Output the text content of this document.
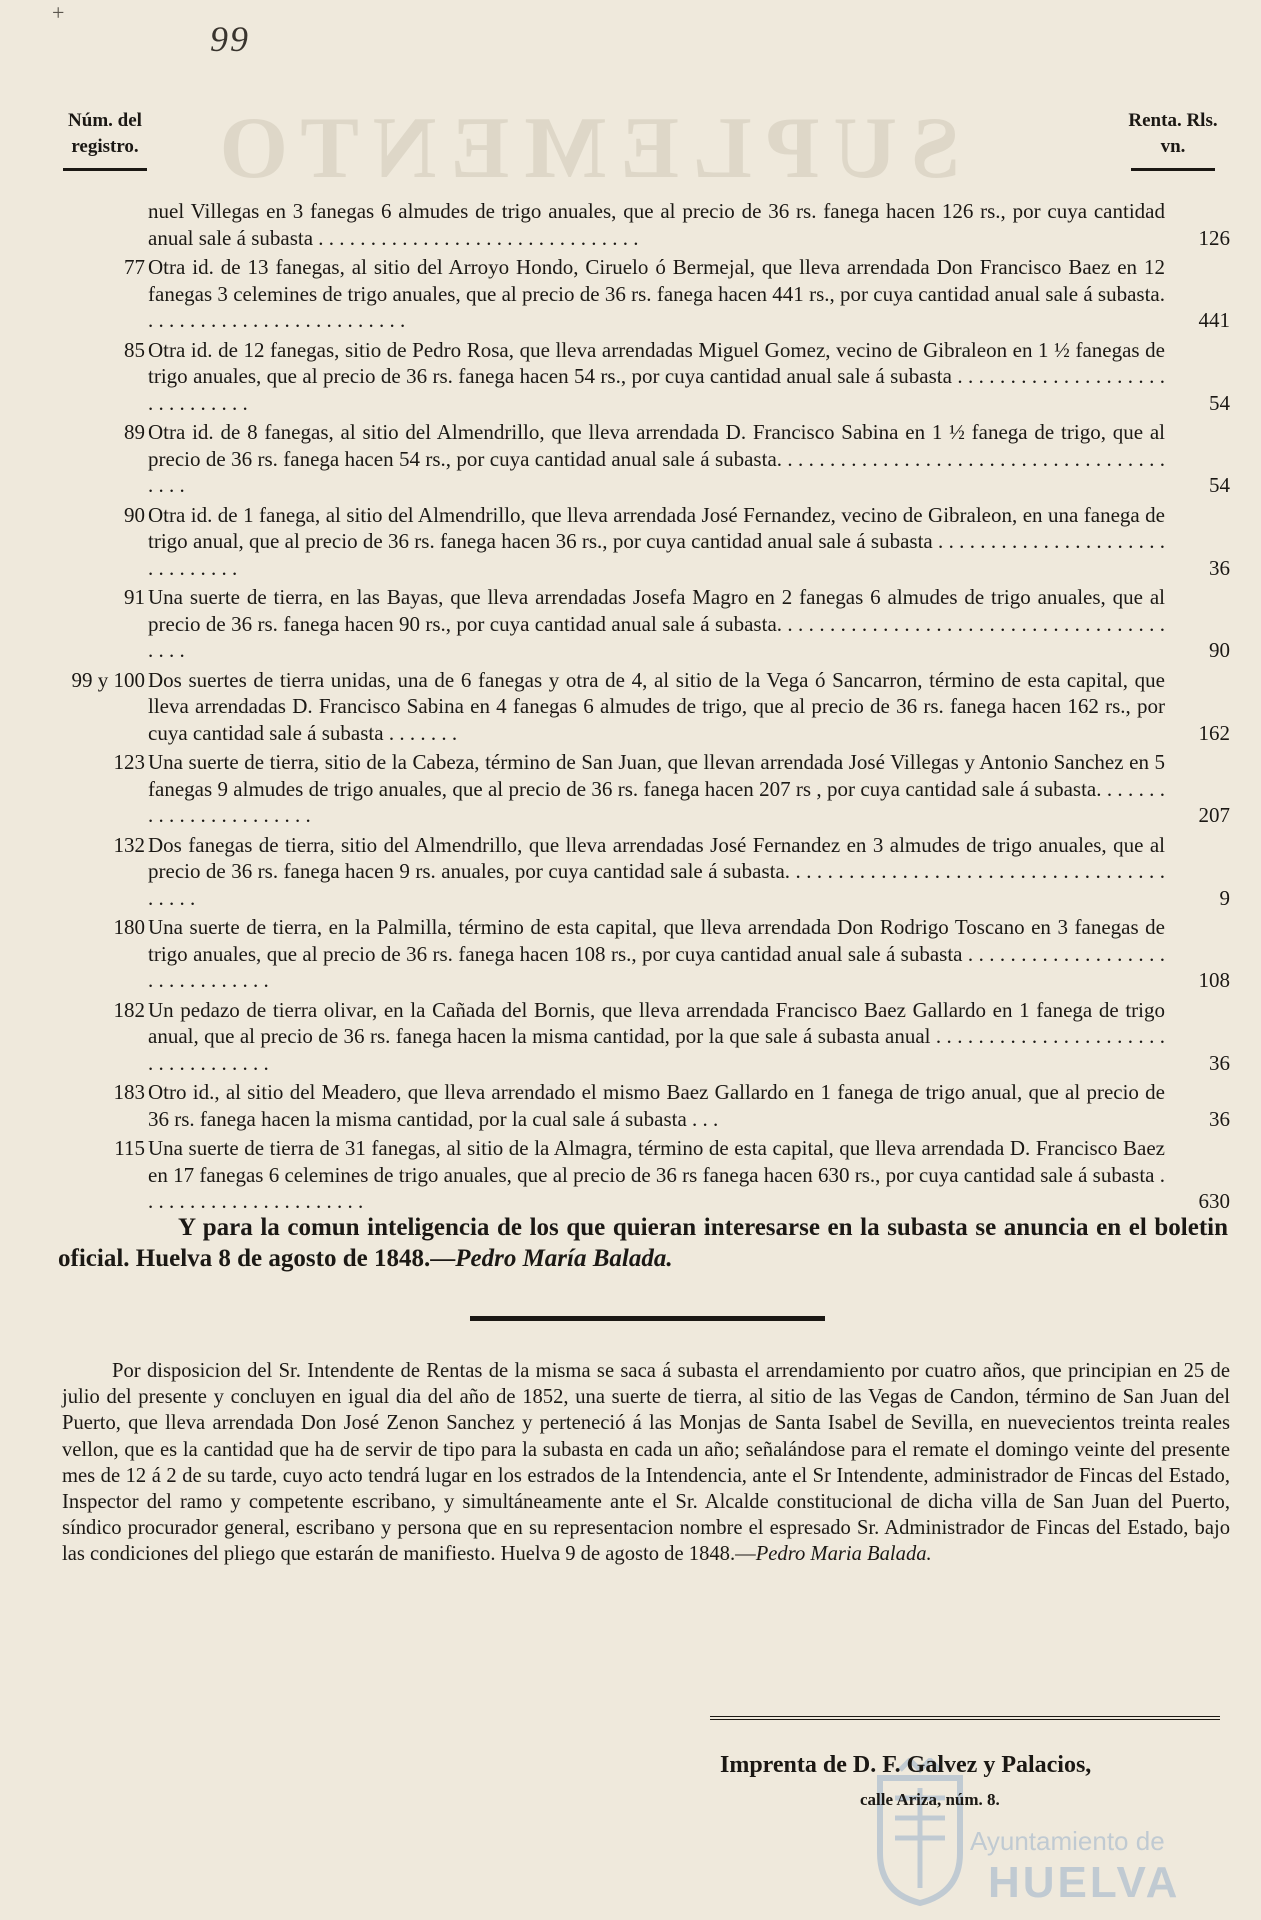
+
99
SUPLEMENTO
Núm. del registro.
Renta. Rls. vn.
nuel Villegas en 3 fanegas 6 almudes de trigo anuales, que al precio de 36 rs. fanega hacen 126 rs., por cuya cantidad anual sale á subasta . . . . . . . . . . . . . . . . . . . . . . . . . . . . . . .	126
77 Otra id. de 13 fanegas, al sitio del Arroyo Hondo, Ciruelo ó Bermejal, que lleva arrendada Don Francisco Baez en 12 fanegas 3 celemines de trigo anuales, que al precio de 36 rs. fanega hacen 441 rs., por cuya cantidad anual sale á subasta. . . . . . . . . . . . . . . . . . . . . . . . . .	441
85 Otra id. de 12 fanegas, sitio de Pedro Rosa, que lleva arrendadas Miguel Gomez, vecino de Gibraleon en 1 ½ fanegas de trigo anuales, que al precio de 36 rs. fanega hacen 54 rs., por cuya cantidad anual sale á subasta . . . . . . . . . . . . . . . . . . . . . . . . . . . . . .	54
89 Otra id. de 8 fanegas, al sitio del Almendrillo, que lleva arrendada D. Francisco Sabina en 1 ½ fanega de trigo, que al precio de 36 rs. fanega hacen 54 rs., por cuya cantidad anual sale á subasta. . . . . . . . . . . . . . . . . . . . . . . . . . . . . . . . . . . . . . . . .	54
90 Otra id. de 1 fanega, al sitio del Almendrillo, que lleva arrendada José Fernandez, vecino de Gibraleon, en una fanega de trigo anual, que al precio de 36 rs. fanega hacen 36 rs., por cuya cantidad anual sale á subasta . . . . . . . . . . . . . . . . . . . . . . . . . . . . . . .	36
91 Una suerte de tierra, en las Bayas, que lleva arrendadas Josefa Magro en 2 fanegas 6 almudes de trigo anuales, que al precio de 36 rs. fanega hacen 90 rs., por cuya cantidad anual sale á subasta. . . . . . . . . . . . . . . . . . . . . . . . . . . . . . . . . . . . . . . . .	90
99 y 100 Dos suertes de tierra unidas, una de 6 fanegas y otra de 4, al sitio de la Vega ó Sancarron, término de esta capital, que lleva arrendadas D. Francisco Sabina en 4 fanegas 6 almudes de trigo, que al precio de 36 rs. fanega hacen 162 rs., por cuya cantidad sale á subasta . . . . . . .	162
123 Una suerte de tierra, sitio de la Cabeza, término de San Juan, que llevan arrendada José Villegas y Antonio Sanchez en 5 fanegas 9 almudes de trigo anuales, que al precio de 36 rs. fanega hacen 207 rs , por cuya cantidad sale á subasta. . . . . . . . . . . . . . . . . . . . . . .	207
132 Dos fanegas de tierra, sitio del Almendrillo, que lleva arrendadas José Fernandez en 3 almudes de trigo anuales, que al precio de 36 rs. fanega hacen 9 rs. anuales, por cuya cantidad sale á subasta. . . . . . . . . . . . . . . . . . . . . . . . . . . . . . . . . . . . . . . . .	9
180 Una suerte de tierra, en la Palmilla, término de esta capital, que lleva arrendada Don Rodrigo Toscano en 3 fanegas de trigo anuales, que al precio de 36 rs. fanega hacen 108 rs., por cuya cantidad anual sale á subasta . . . . . . . . . . . . . . . . . . . . . . . . . . . . . . .	108
182 Un pedazo de tierra olivar, en la Cañada del Bornis, que lleva arrendada Francisco Baez Gallardo en 1 fanega de trigo anual, que al precio de 36 rs. fanega hacen la misma cantidad, por la que sale á subasta anual . . . . . . . . . . . . . . . . . . . . . . . . . . . . . . . . . .	36
183 Otro id., al sitio del Meadero, que lleva arrendado el mismo Baez Gallardo en 1 fanega de trigo anual, que al precio de 36 rs. fanega hacen la misma cantidad, por la cual sale á subasta . . .	36
115 Una suerte de tierra de 31 fanegas, al sitio de la Almagra, término de esta capital, que lleva arrendada D. Francisco Baez en 17 fanegas 6 celemines de trigo anuales, que al precio de 36 rs fanega hacen 630 rs., por cuya cantidad sale á subasta . . . . . . . . . . . . . . . . . . . . . .	630
Y para la comun inteligencia de los que quieran interesarse en la subasta se anuncia en el boletin oficial. Huelva 8 de agosto de 1848.—Pedro María Balada.
Por disposicion del Sr. Intendente de Rentas de la misma se saca á subasta el arrendamiento por cuatro años, que principian en 25 de julio del presente y concluyen en igual dia del año de 1852, una suerte de tierra, al sitio de las Vegas de Candon, término de San Juan del Puerto, que lleva arrendada Don José Zenon Sanchez y perteneció á las Monjas de Santa Isabel de Sevilla, en nuevecientos treinta reales vellon, que es la cantidad que ha de servir de tipo para la subasta en cada un año; señalándose para el remate el domingo veinte del presente mes de 12 á 2 de su tarde, cuyo acto tendrá lugar en los estrados de la Intendencia, ante el Sr Intendente, administrador de Fincas del Estado, Inspector del ramo y competente escribano, y simultáneamente ante el Sr. Alcalde constitucional de dicha villa de San Juan del Puerto, síndico procurador general, escribano y persona que en su representacion nombre el espresado Sr. Administrador de Fincas del Estado, bajo las condiciones del pliego que estarán de manifiesto. Huelva 9 de agosto de 1848.—Pedro Maria Balada.
Ayuntamiento de
HUELVA
Imprenta de D. F. Galvez y Palacios,
calle Ariza, núm. 8.
